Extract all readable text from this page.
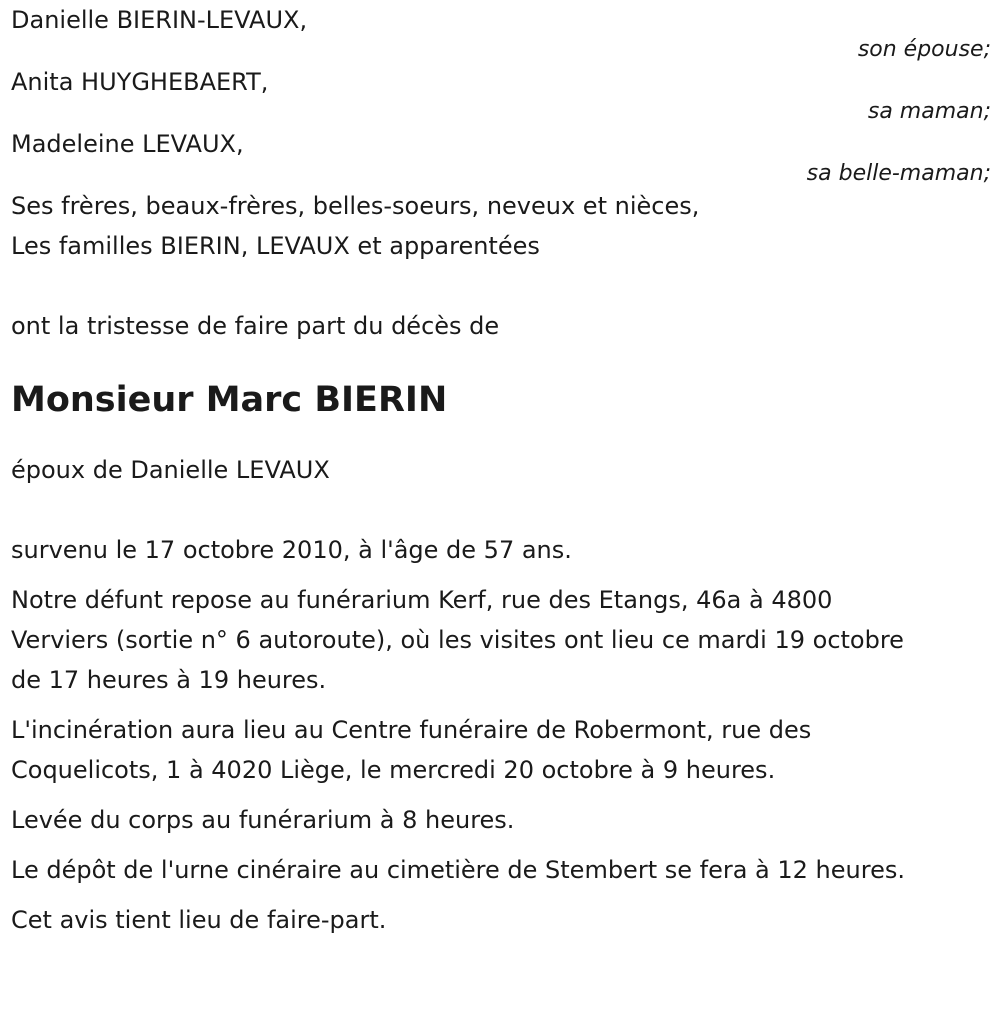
Danielle BIERIN-LEVAUX,
son épouse;
Anita HUYGHEBAERT,
sa maman;
Madeleine LEVAUX,
sa belle-maman;
Ses frères, beaux-frères, belles-soeurs, neveux et nièces,
Les familles BIERIN, LEVAUX et apparentées
ont la tristesse de faire part du décès de
Monsieur Marc BIERIN
époux de Danielle LEVAUX
survenu le 17 octobre 2010, à l'âge de 57 ans.
Notre défunt repose au funérarium Kerf, rue des Etangs, 46a à 4800 Verviers (sortie n° 6 autoroute), où les visites ont lieu ce mardi 19 octobre de 17 heures à 19 heures.
L'incinération aura lieu au Centre funéraire de Robermont, rue des Coquelicots, 1 à 4020 Liège, le mercredi 20 octobre à 9 heures.
Levée du corps au funérarium à 8 heures.
Le dépôt de l'urne cinéraire au cimetière de Stembert se fera à 12 heures.
Cet avis tient lieu de faire-part.
